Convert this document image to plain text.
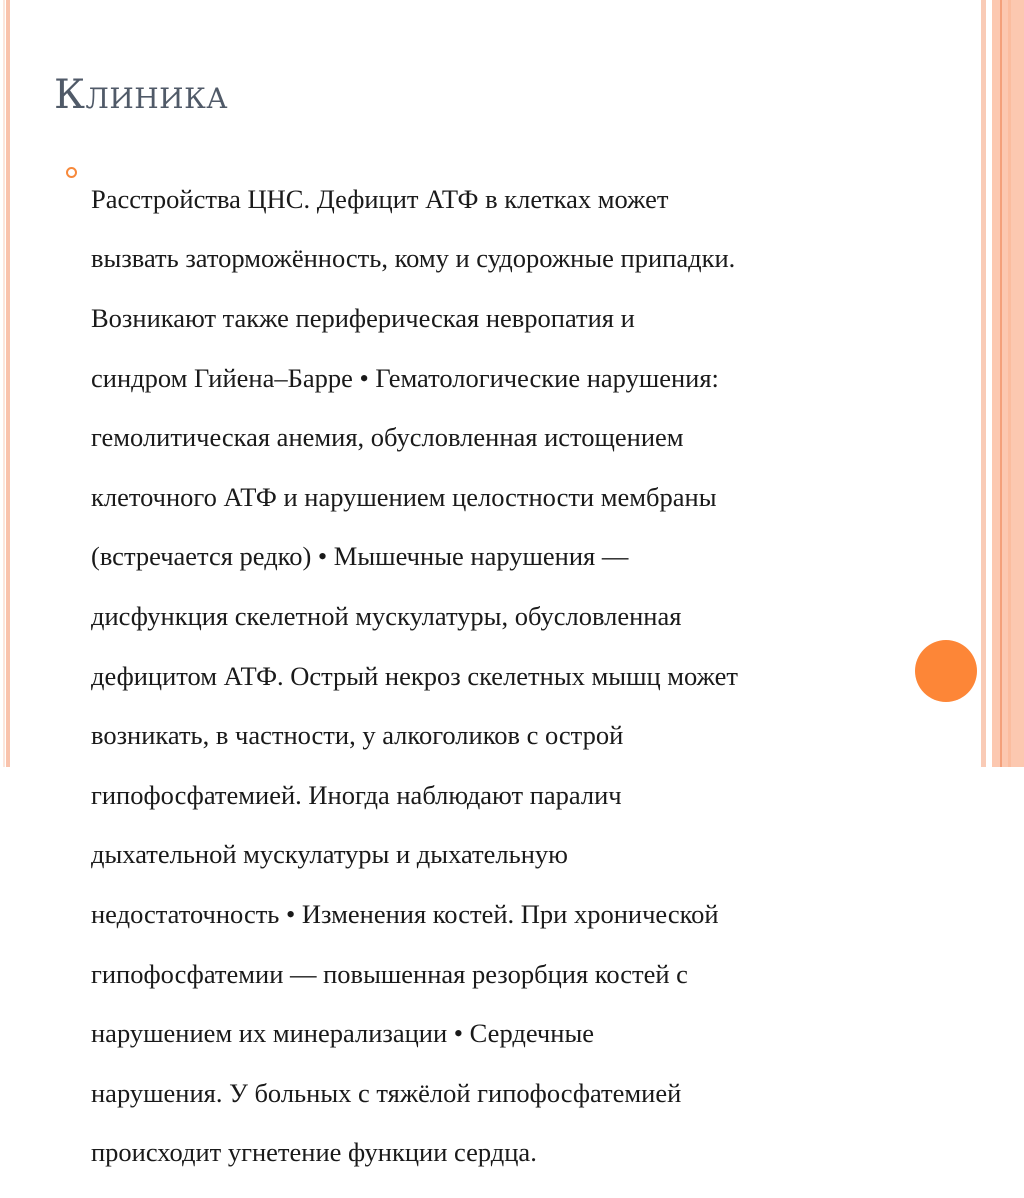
Клиника

Расстройства ЦНС. Дефицит АТФ в клетках может

вызвать заторможённость, кому и судорожные припадки.

Возникают также периферическая невропатия и

синдром Гийена–Барре • Гематологические нарушения:

гемолитическая анемия, обусловленная истощением

клеточного АТФ и нарушением целостности мембраны

(встречается редко) • Мышечные нарушения —

дисфункция скелетной мускулатуры, обусловленная

дефицитом АТФ. Острый некроз скелетных мышц может

возникать, в частности, у алкоголиков с острой

гипофосфатемией. Иногда наблюдают паралич

дыхательной мускулатуры и дыхательную

недостаточность • Изменения костей. При хронической

гипофосфатемии — повышенная резорбция костей с

нарушением их минерализации • Сердечные

нарушения. У больных с тяжёлой гипофосфатемией

происходит угнетение функции сердца.
